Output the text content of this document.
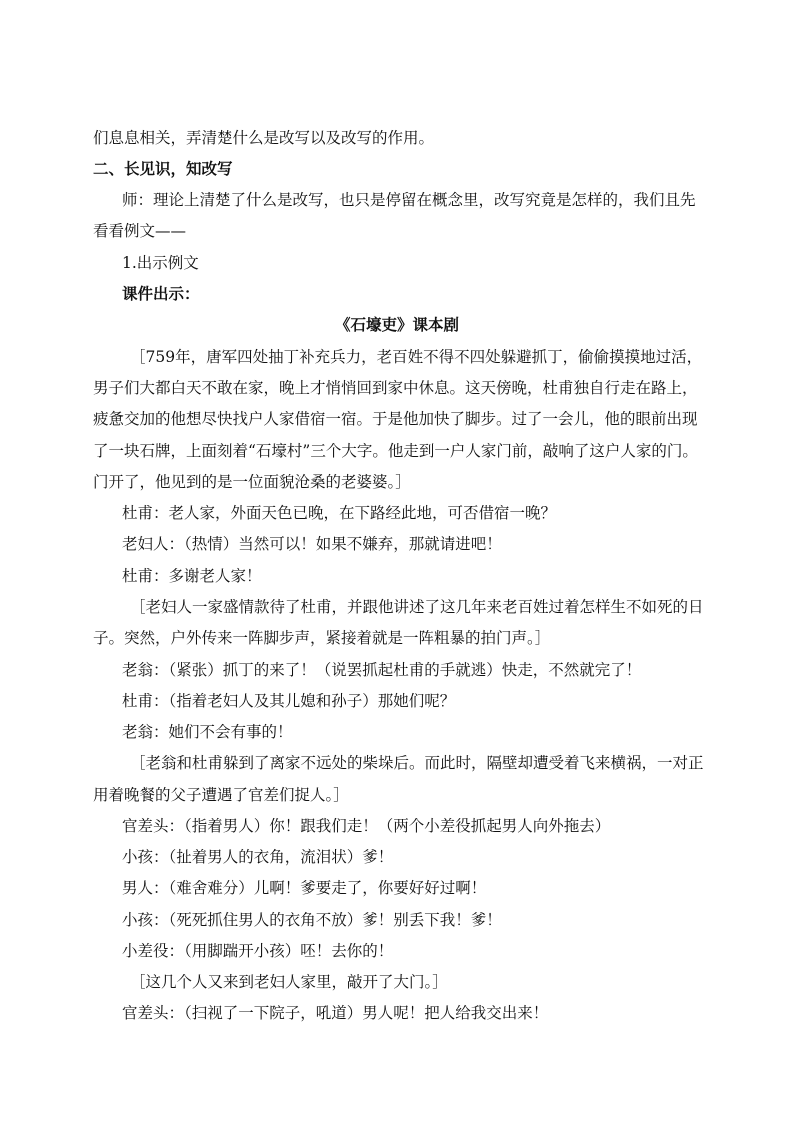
们息息相关，弄清楚什么是改写以及改写的作用。
二、长见识，知改写
师：理论上清楚了什么是改写，也只是停留在概念里，改写究竟是怎样的，我们且先
看看例文——
1.出示例文
课件出示：
《石壕吏》课本剧
［759年，唐军四处抽丁补充兵力，老百姓不得不四处躲避抓丁，偷偷摸摸地过活，
男子们大都白天不敢在家，晚上才悄悄回到家中休息。这天傍晚，杜甫独自行走在路上，
疲惫交加的他想尽快找户人家借宿一宿。于是他加快了脚步。过了一会儿，他的眼前出现
了一块石牌，上面刻着“石壕村”三个大字。他走到一户人家门前，敲响了这户人家的门。
门开了，他见到的是一位面貌沧桑的老婆婆。］
杜甫：老人家，外面天色已晚，在下路经此地，可否借宿一晚？
老妇人：（热情）当然可以！如果不嫌弃，那就请进吧！
杜甫：多谢老人家！
［老妇人一家盛情款待了杜甫，并跟他讲述了这几年来老百姓过着怎样生不如死的日
子。突然，户外传来一阵脚步声，紧接着就是一阵粗暴的拍门声。］
老翁：（紧张）抓丁的来了！（说罢抓起杜甫的手就逃）快走，不然就完了！
杜甫：（指着老妇人及其儿媳和孙子）那她们呢？
老翁：她们不会有事的！
［老翁和杜甫躲到了离家不远处的柴垛后。而此时，隔壁却遭受着飞来横祸，一对正
用着晚餐的父子遭遇了官差们捉人。］
官差头：（指着男人）你！跟我们走！（两个小差役抓起男人向外拖去）
小孩：（扯着男人的衣角，流泪状）爹！
男人：（难舍难分）儿啊！爹要走了，你要好好过啊！
小孩：（死死抓住男人的衣角不放）爹！别丢下我！爹！
小差役：（用脚踹开小孩）呸！去你的！
［这几个人又来到老妇人家里，敲开了大门。］
官差头：（扫视了一下院子，吼道）男人呢！把人给我交出来！
